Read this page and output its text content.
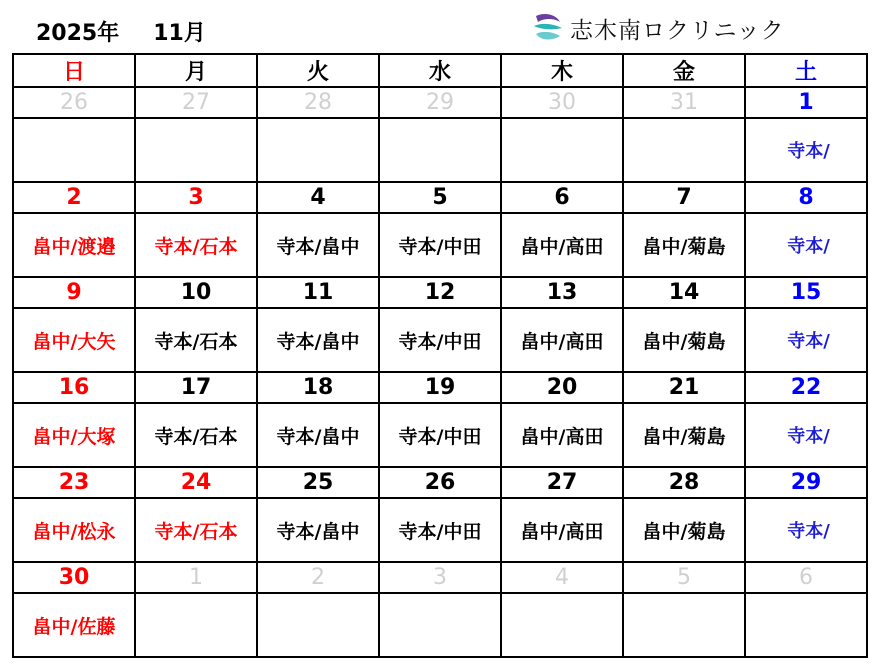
2025年 11月	志木南ロクリニック
日	月	火	水	木	金	土
26	27	28	29	30	31	1
						寺本/
2	3	4	5	6	7	8
畠中/渡邉	寺本/石本	寺本/畠中	寺本/中田	畠中/高田	畠中/菊島	寺本/
9	10	11	12	13	14	15
畠中/大矢	寺本/石本	寺本/畠中	寺本/中田	畠中/高田	畠中/菊島	寺本/
16	17	18	19	20	21	22
畠中/大塚	寺本/石本	寺本/畠中	寺本/中田	畠中/高田	畠中/菊島	寺本/
23	24	25	26	27	28	29
畠中/松永	寺本/石本	寺本/畠中	寺本/中田	畠中/高田	畠中/菊島	寺本/
30	1	2	3	4	5	6
畠中/佐藤						
